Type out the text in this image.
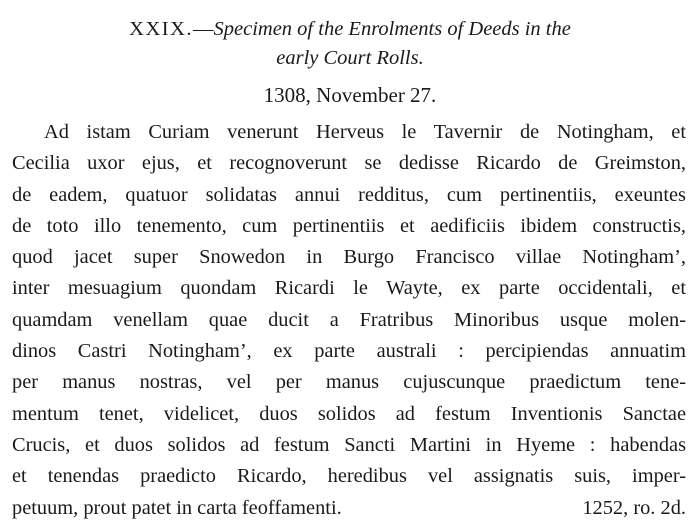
XXIX.—Specimen of the Enrolments of Deeds in the
early Court Rolls.
1308, November 27.
Ad istam Curiam venerunt Herveus le Tavernir de Notingham, et
Cecilia uxor ejus, et recognoverunt se dedisse Ricardo de Greimston,
de eadem, quatuor solidatas annui redditus, cum pertinentiis, exeuntes
de toto illo tenemento, cum pertinentiis et aedificiis ibidem constructis,
quod jacet super Snowedon in Burgo Francisco villae Notingham’,
inter mesuagium quondam Ricardi le Wayte, ex parte occidentali, et
quamdam venellam quae ducit a Fratribus Minoribus usque molen-
dinos Castri Notingham’, ex parte australi : percipiendas annuatim
per manus nostras, vel per manus cujuscunque praedictum tene-
mentum tenet, videlicet, duos solidos ad festum Inventionis Sanctae
Crucis, et duos solidos ad festum Sancti Martini in Hyeme : habendas
et tenendas praedicto Ricardo, heredibus vel assignatis suis, imper-
petuum, prout patet in carta feoffamenti.	1252, ro. 2d.
